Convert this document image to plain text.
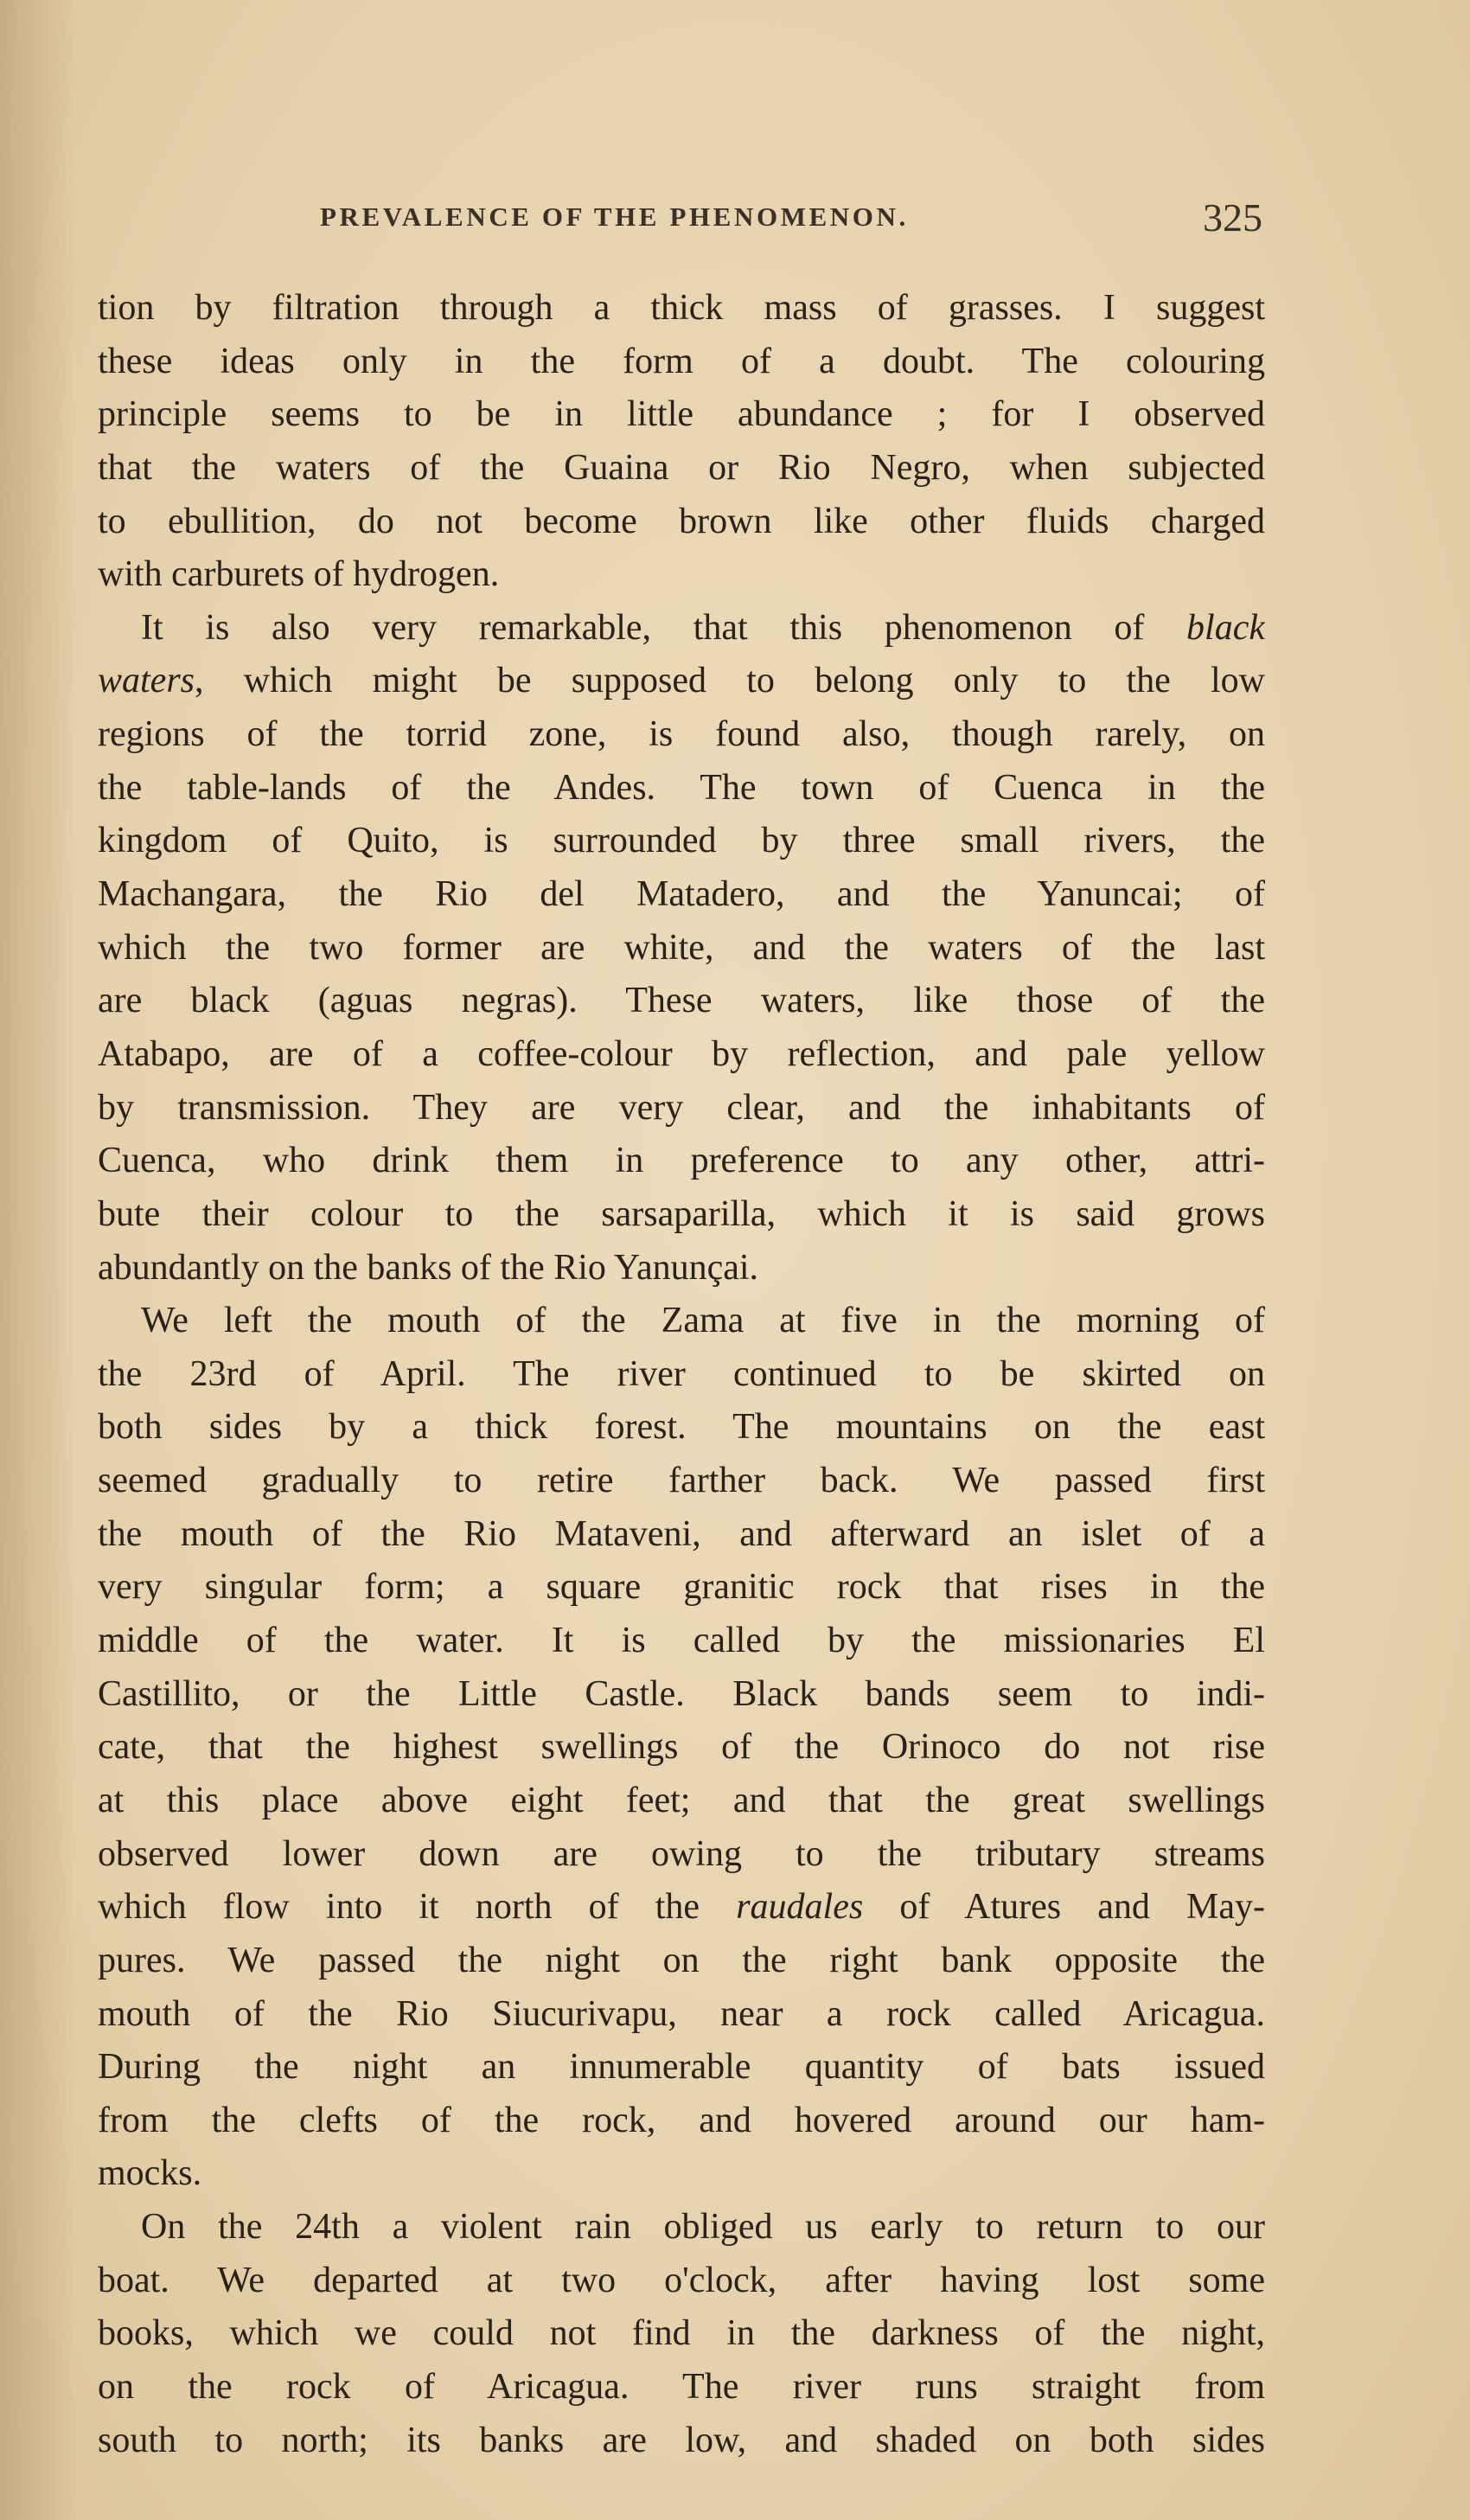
PREVALENCE OF THE PHENOMENON.	325
tion by filtration through a thick mass of grasses. I suggest
these ideas only in the form of a doubt. The colouring
principle seems to be in little abundance ; for I observed
that the waters of the Guaina or Rio Negro, when subjected
to ebullition, do not become brown like other fluids charged
with carburets of hydrogen.
It is also very remarkable, that this phenomenon of black
waters, which might be supposed to belong only to the low
regions of the torrid zone, is found also, though rarely, on
the table-lands of the Andes. The town of Cuenca in the
kingdom of Quito, is surrounded by three small rivers, the
Machangara, the Rio del Matadero, and the Yanuncai; of
which the two former are white, and the waters of the last
are black (aguas negras). These waters, like those of the
Atabapo, are of a coffee-colour by reflection, and pale yellow
by transmission. They are very clear, and the inhabitants of
Cuenca, who drink them in preference to any other, attri-
bute their colour to the sarsaparilla, which it is said grows
abundantly on the banks of the Rio Yanunçai.
We left the mouth of the Zama at five in the morning of
the 23rd of April. The river continued to be skirted on
both sides by a thick forest. The mountains on the east
seemed gradually to retire farther back. We passed first
the mouth of the Rio Mataveni, and afterward an islet of a
very singular form; a square granitic rock that rises in the
middle of the water. It is called by the missionaries El
Castillito, or the Little Castle. Black bands seem to indi-
cate, that the highest swellings of the Orinoco do not rise
at this place above eight feet; and that the great swellings
observed lower down are owing to the tributary streams
which flow into it north of the raudales of Atures and May-
pures. We passed the night on the right bank opposite the
mouth of the Rio Siucurivapu, near a rock called Aricagua.
During the night an innumerable quantity of bats issued
from the clefts of the rock, and hovered around our ham-
mocks.
On the 24th a violent rain obliged us early to return to our
boat. We departed at two o'clock, after having lost some
books, which we could not find in the darkness of the night,
on the rock of Aricagua. The river runs straight from
south to north; its banks are low, and shaded on both sides
